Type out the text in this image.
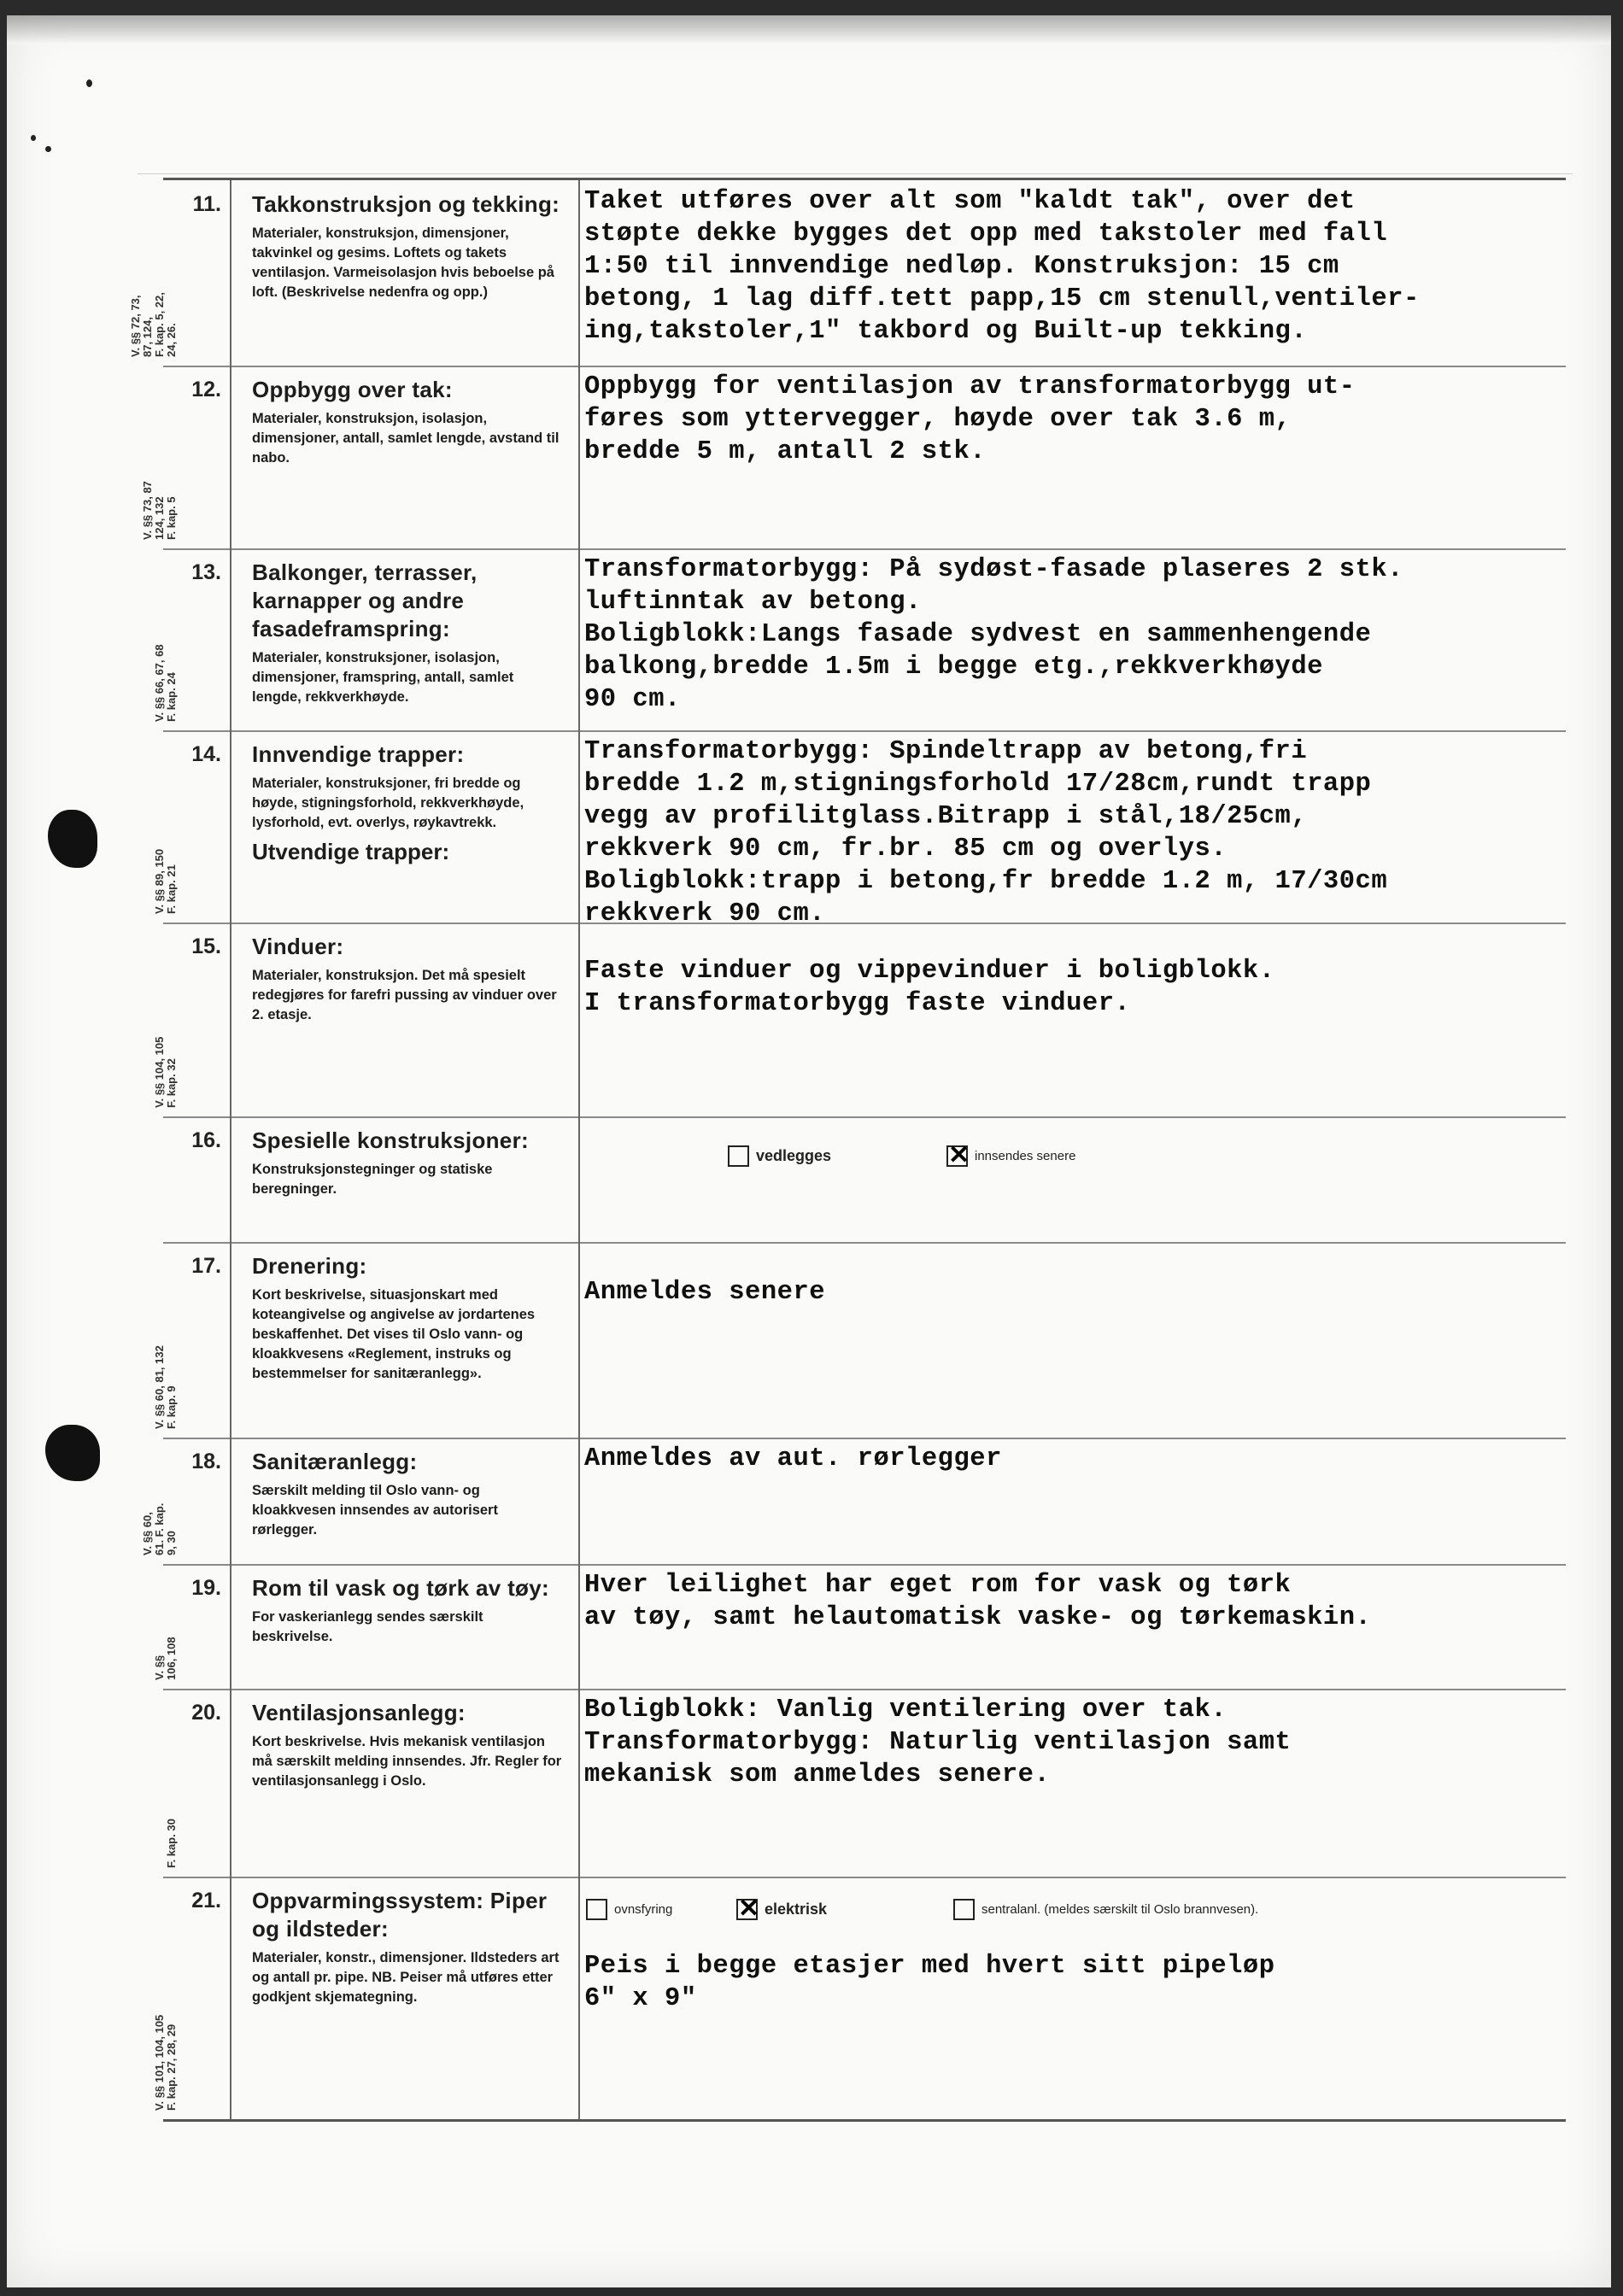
11.
V. §§ 72, 73, 87, 124, F. kap. 5, 22, 24, 26.
Takkonstruksjon og tekking:
Materialer, konstruksjon, dimensjoner, takvinkel og gesims. Loftets og takets ventilasjon. Varmeisolasjon hvis beboelse på loft. (Beskrivelse nedenfra og opp.)
Taket utføres over alt som "kaldt tak", over det
støpte dekke bygges det opp med takstoler med fall
1:50 til innvendige nedløp. Konstruksjon: 15 cm
betong, 1 lag diff.tett papp,15 cm stenull,ventiler-
ing,takstoler,1" takbord og Built-up tekking.
12.
V. §§ 73, 87 124, 132 F. kap. 5
Oppbygg over tak:
Materialer, konstruksjon, isolasjon, dimensjoner, antall, samlet lengde, avstand til nabo.
Oppbygg for ventilasjon av transformatorbygg ut-
føres som yttervegger, høyde over tak 3.6 m,
bredde 5 m, antall 2 stk.
13.
V. §§ 66, 67, 68 F. kap. 24
Balkonger, terrasser, karnapper og andre fasadeframspring:
Materialer, konstruksjoner, isolasjon, dimensjoner, framspring, antall, samlet lengde, rekkverkhøyde.
Transformatorbygg: På sydøst-fasade plaseres 2 stk.
luftinntak av betong.
Boligblokk:Langs fasade sydvest en sammenhengende
balkong,bredde 1.5m i begge etg.,rekkverkhøyde
90 cm.
14.
V. §§ 89, 150 F. kap. 21
Innvendige trapper:
Materialer, konstruksjoner, fri bredde og høyde, stigningsforhold, rekkverkhøyde, lysforhold, evt. overlys, røykavtrekk.
Utvendige trapper:
Transformatorbygg: Spindeltrapp av betong,fri
bredde 1.2 m,stigningsforhold 17/28cm,rundt trapp
vegg av profilitglass.Bitrapp i stål,18/25cm,
rekkverk 90 cm, fr.br. 85 cm og overlys.
Boligblokk:trapp i betong,fr bredde 1.2 m, 17/30cm
rekkverk 90 cm.
15.
V. §§ 104, 105 F. kap. 32
Vinduer:
Materialer, konstruksjon. Det må spesielt redegjøres for farefri pussing av vinduer over 2. etasje.
Faste vinduer og vippevinduer i boligblokk.
I transformatorbygg faste vinduer.
16. Spesielle konstruksjoner:
Konstruksjonstegninger og statiske beregninger.
vedlegges	✕ innsendes senere
17.
V. §§ 60, 81, 132 F. kap. 9
Drenering:
Kort beskrivelse, situasjonskart med koteangivelse og angivelse av jordartenes beskaffenhet. Det vises til Oslo vann- og kloakkvesens «Reglement, instruks og bestemmelser for sanitæranlegg».
Anmeldes senere
18.
V. §§ 60, 61. F. kap. 9, 30
Sanitæranlegg:
Særskilt melding til Oslo vann- og kloakkvesen innsendes av autorisert rørlegger.
Anmeldes av aut. rørlegger
19.
V. §§ 106, 108
Rom til vask og tørk av tøy:
For vaskerianlegg sendes særskilt beskrivelse.
Hver leilighet har eget rom for vask og tørk
av tøy, samt helautomatisk vaske- og tørkemaskin.
20.
F. kap. 30
Ventilasjonsanlegg:
Kort beskrivelse. Hvis mekanisk ventilasjon må særskilt melding innsendes. Jfr. Regler for ventilasjonsanlegg i Oslo.
Boligblokk: Vanlig ventilering over tak.
Transformatorbygg: Naturlig ventilasjon samt
mekanisk som anmeldes senere.
21.
V. §§ 101, 104, 105 F. kap. 27, 28, 29
Oppvarmingssystem: Piper og ildsteder:
Materialer, konstr., dimensjoner. Ildsteders art og antall pr. pipe. NB. Peiser må utføres etter godkjent skjemategning.
ovnsfyring	✕ elektrisk	sentralanl. (meldes særskilt til Oslo brannvesen).
Peis i begge etasjer med hvert sitt pipeløp
6" x 9"
